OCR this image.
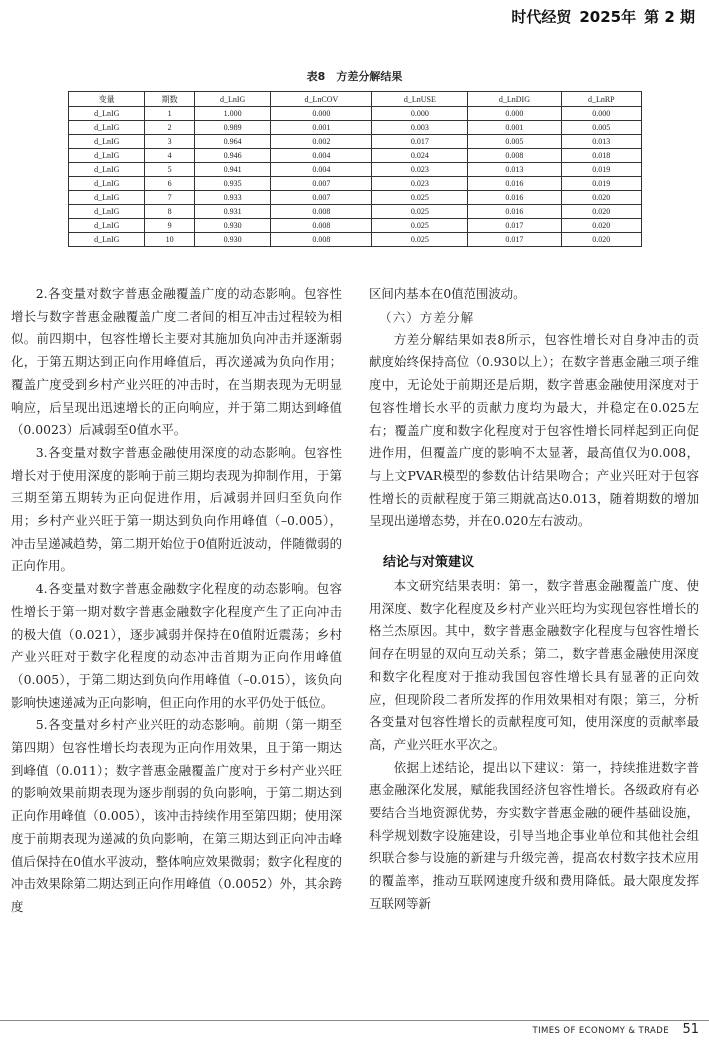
时代经贸 2025年 第 2 期
表8　方差分解结果
变量	期数	d_LnIG	d_LnCOV	d_LnUSE	d_LnDIG	d_LnRP
d_LnIG	1	1.000	0.000	0.000	0.000	0.000
d_LnIG	2	0.989	0.001	0.003	0.001	0.005
d_LnIG	3	0.964	0.002	0.017	0.005	0.013
d_LnIG	4	0.946	0.004	0.024	0.008	0.018
d_LnIG	5	0.941	0.004	0.023	0.013	0.019
d_LnIG	6	0.935	0.007	0.023	0.016	0.019
d_LnIG	7	0.933	0.007	0.025	0.016	0.020
d_LnIG	8	0.931	0.008	0.025	0.016	0.020
d_LnIG	9	0.930	0.008	0.025	0.017	0.020
d_LnIG	10	0.930	0.008	0.025	0.017	0.020

2.各变量对数字普惠金融覆盖广度的动态影响。包容性增长与数字普惠金融覆盖广度二者间的相互冲击过程较为相似。前四期中，包容性增长主要对其施加负向冲击并逐渐弱化，于第五期达到正向作用峰值后，再次递减为负向作用；覆盖广度受到乡村产业兴旺的冲击时，在当期表现为无明显响应，后呈现出迅速增长的正向响应，并于第二期达到峰值（0.0023）后减弱至0值水平。

3.各变量对数字普惠金融使用深度的动态影响。包容性增长对于使用深度的影响于前三期均表现为抑制作用，于第三期至第五期转为正向促进作用，后减弱并回归至负向作用；乡村产业兴旺于第一期达到负向作用峰值（–0.005），冲击呈递减趋势，第二期开始位于0值附近波动，伴随微弱的正向作用。

4.各变量对数字普惠金融数字化程度的动态影响。包容性增长于第一期对数字普惠金融数字化程度产生了正向冲击的极大值（0.021），逐步减弱并保持在0值附近震荡；乡村产业兴旺对于数字化程度的动态冲击首期为正向作用峰值（0.005），于第二期达到负向作用峰值（–0.015），该负向影响快速递减为正向影响，但正向作用的水平仍处于低位。

5.各变量对乡村产业兴旺的动态影响。前期（第一期至第四期）包容性增长均表现为正向作用效果，且于第一期达到峰值（0.011）；数字普惠金融覆盖广度对于乡村产业兴旺的影响效果前期表现为逐步削弱的负向影响，于第二期达到正向作用峰值（0.005），该冲击持续作用至第四期；使用深度于前期表现为递减的负向影响，在第三期达到正向冲击峰值后保持在0值水平波动，整体响应效果微弱；数字化程度的冲击效果除第二期达到正向作用峰值（0.0052）外，其余跨度

区间内基本在0值范围波动。

（六）方差分解

方差分解结果如表8所示，包容性增长对自身冲击的贡献度始终保持高位（0.930以上）；在数字普惠金融三项子维度中，无论处于前期还是后期，数字普惠金融使用深度对于包容性增长水平的贡献力度均为最大，并稳定在0.025左右；覆盖广度和数字化程度对于包容性增长同样起到正向促进作用，但覆盖广度的影响不太显著，最高值仅为0.008，与上文PVAR模型的参数估计结果吻合；产业兴旺对于包容性增长的贡献程度于第三期就高达0.013，随着期数的增加呈现出递增态势，并在0.020左右波动。

结论与对策建议

本文研究结果表明：第一，数字普惠金融覆盖广度、使用深度、数字化程度及乡村产业兴旺均为实现包容性增长的格兰杰原因。其中，数字普惠金融数字化程度与包容性增长间存在明显的双向互动关系；第二，数字普惠金融使用深度和数字化程度对于推动我国包容性增长具有显著的正向效应，但现阶段二者所发挥的作用效果相对有限；第三，分析各变量对包容性增长的贡献程度可知，使用深度的贡献率最高，产业兴旺水平次之。

依据上述结论，提出以下建议：第一，持续推进数字普惠金融深化发展，赋能我国经济包容性增长。各级政府有必要结合当地资源优势，夯实数字普惠金融的硬件基础设施，科学规划数字设施建设，引导当地企事业单位和其他社会组织联合参与设施的新建与升级完善，提高农村数字技术应用的覆盖率，推动互联网速度升级和费用降低。最大限度发挥互联网等新

TIMES OF ECONOMY & TRADE 51
